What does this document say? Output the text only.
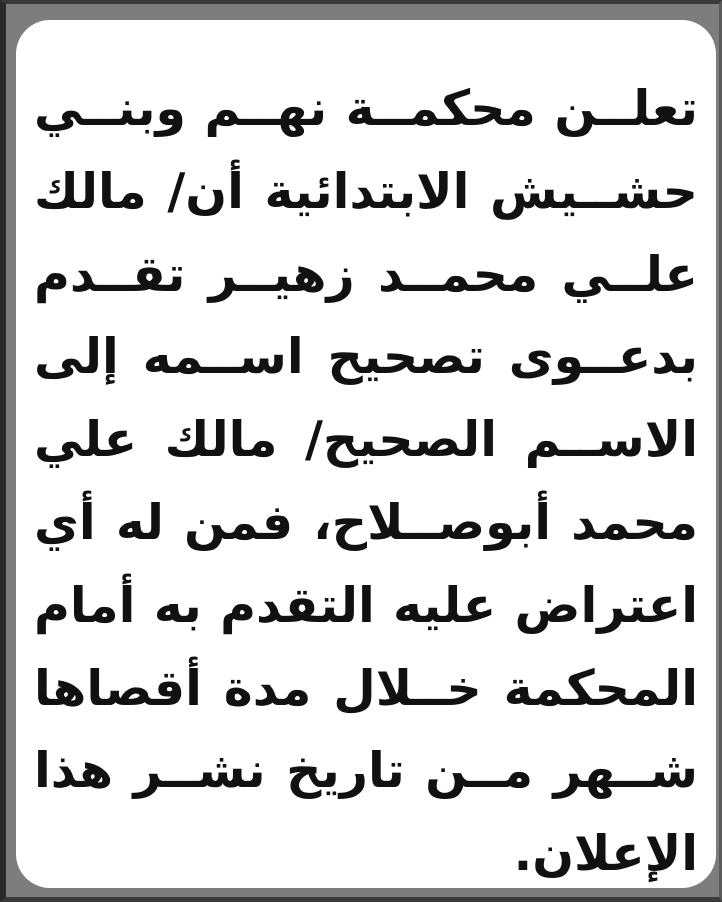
تعلــن محكمــة نهــم وبنــي
حشــيش الابتدائية أن/ مالك
علــي محمــد زهيــر تقــدم
بدعــوى تصحيح اســمه إلى
الاســم الصحيح/ مالك علي
محمد أبوصــلاح، فمن له أي
اعتراض عليه التقدم به أمام
المحكمة خــلال مدة أقصاها
شــهر مــن تاريخ نشــر هذا
الإعلان.
